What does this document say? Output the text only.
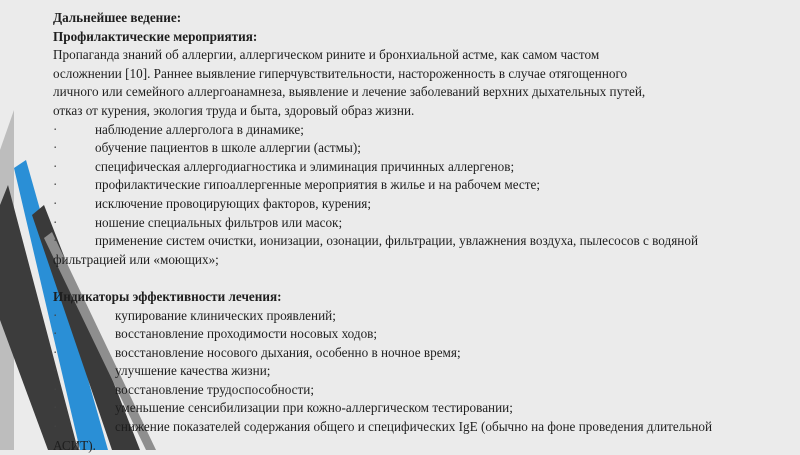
Дальнейшее ведение:

Профилактические мероприятия:

Пропаганда знаний об аллергии, аллергическом рините и бронхиальной астме, как самом частом

осложнении [10]. Раннее выявление гиперчувствительности, настороженность в случае отягощенного

личного или семейного аллергоанамнеза, выявление и лечение заболеваний верхних дыхательных путей,

отказ от курения, экология труда и быта, здоровый образ жизни.

·	наблюдение аллерголога в динамике;
·	обучение пациентов в школе аллергии (астмы);
·	специфическая аллергодиагностика и элиминация причинных аллергенов;
·	профилактические гипоаллергенные мероприятия в жилье и на рабочем месте;
·	исключение провоцирующих факторов, курения;
·	ношение специальных фильтров или масок;

·	применение систем очистки, ионизации, озонации, фильтрации, увлажнения воздуха, пылесосов с водяной фильтрацией или «моющих»;

Индикаторы эффективности лечения:

·	купирование клинических проявлений;
·	восстановление проходимости носовых ходов;
·	восстановление носового дыхания, особенно в ночное время;
·	улучшение качества жизни;
·	восстановление трудоспособности;
·	уменьшение сенсибилизации при кожно-аллергическом тестировании;

·	снижение показателей содержания общего и специфических IgE (обычно на фоне проведения длительной АСИТ).
